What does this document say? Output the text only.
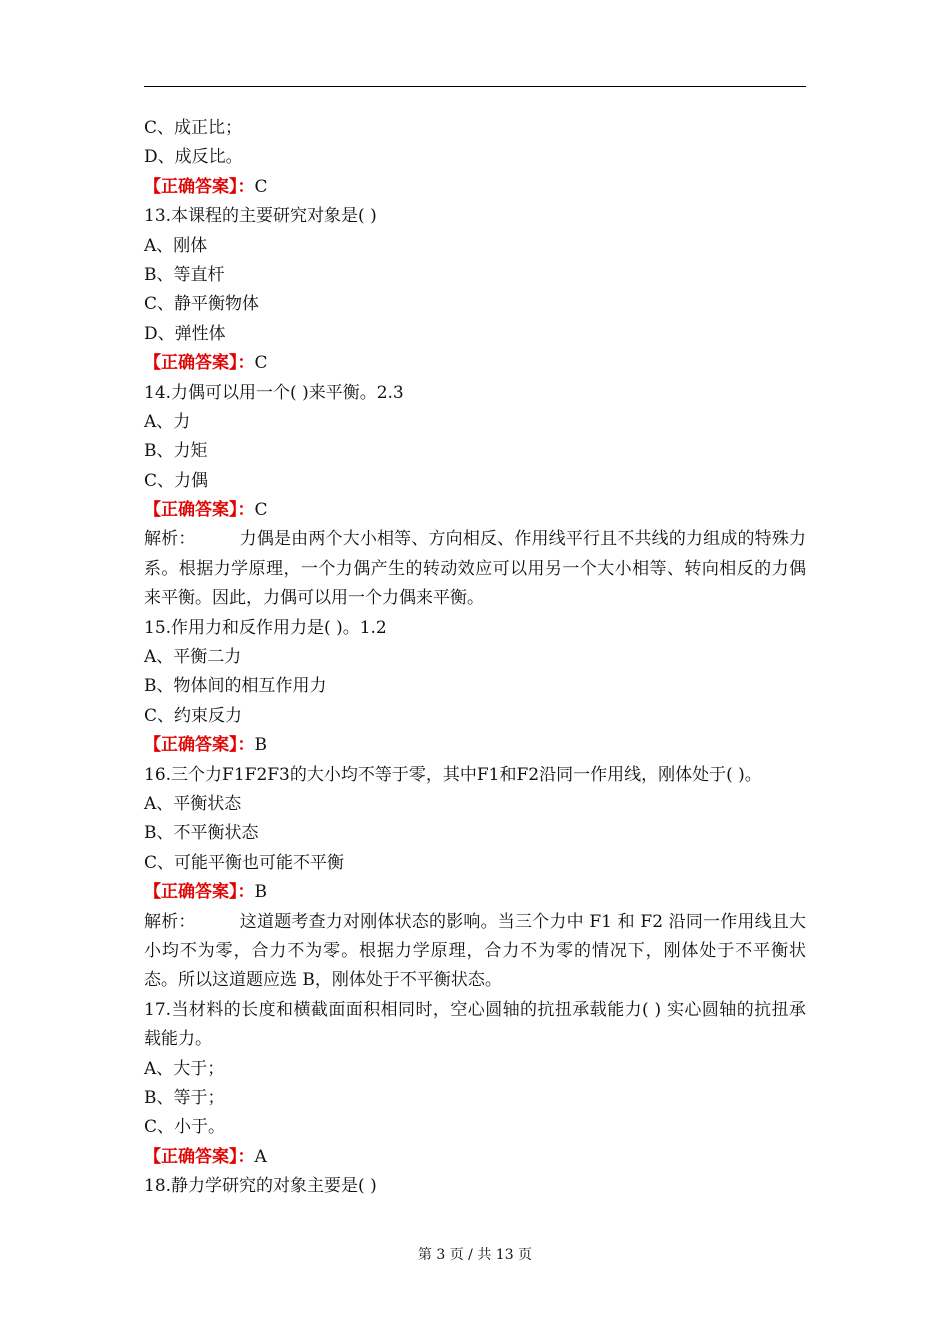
C、成正比；
D、成反比。
【正确答案】：C
13.本课程的主要研究对象是( )
A、刚体
B、等直杆
C、静平衡物体
D、弹性体
【正确答案】：C
14.力偶可以用一个( )来平衡。2.3
A、力
B、力矩
C、力偶
【正确答案】：C
解析：	力偶是由两个大小相等、方向相反、作用线平行且不共线的力组成的特殊力系。根据力学原理，一个力偶产生的转动效应可以用另一个大小相等、转向相反的力偶来平衡。因此，力偶可以用一个力偶来平衡。
15.作用力和反作用力是( )。1.2
A、平衡二力
B、物体间的相互作用力
C、约束反力
【正确答案】：B
16.三个力F1F2F3的大小均不等于零，其中F1和F2沿同一作用线，刚体处于( )。
A、平衡状态
B、不平衡状态
C、可能平衡也可能不平衡
【正确答案】：B
解析：	这道题考查力对刚体状态的影响。当三个力中 F1 和 F2 沿同一作用线且大小均不为零，合力不为零。根据力学原理，合力不为零的情况下，刚体处于不平衡状态。所以这道题应选 B，刚体处于不平衡状态。
17.当材料的长度和横截面面积相同时，空心圆轴的抗扭承载能力( ) 实心圆轴的抗扭承载能力。
A、大于；
B、等于；
C、小于。
【正确答案】：A
18.静力学研究的对象主要是( )
第 3 页 / 共 13 页
